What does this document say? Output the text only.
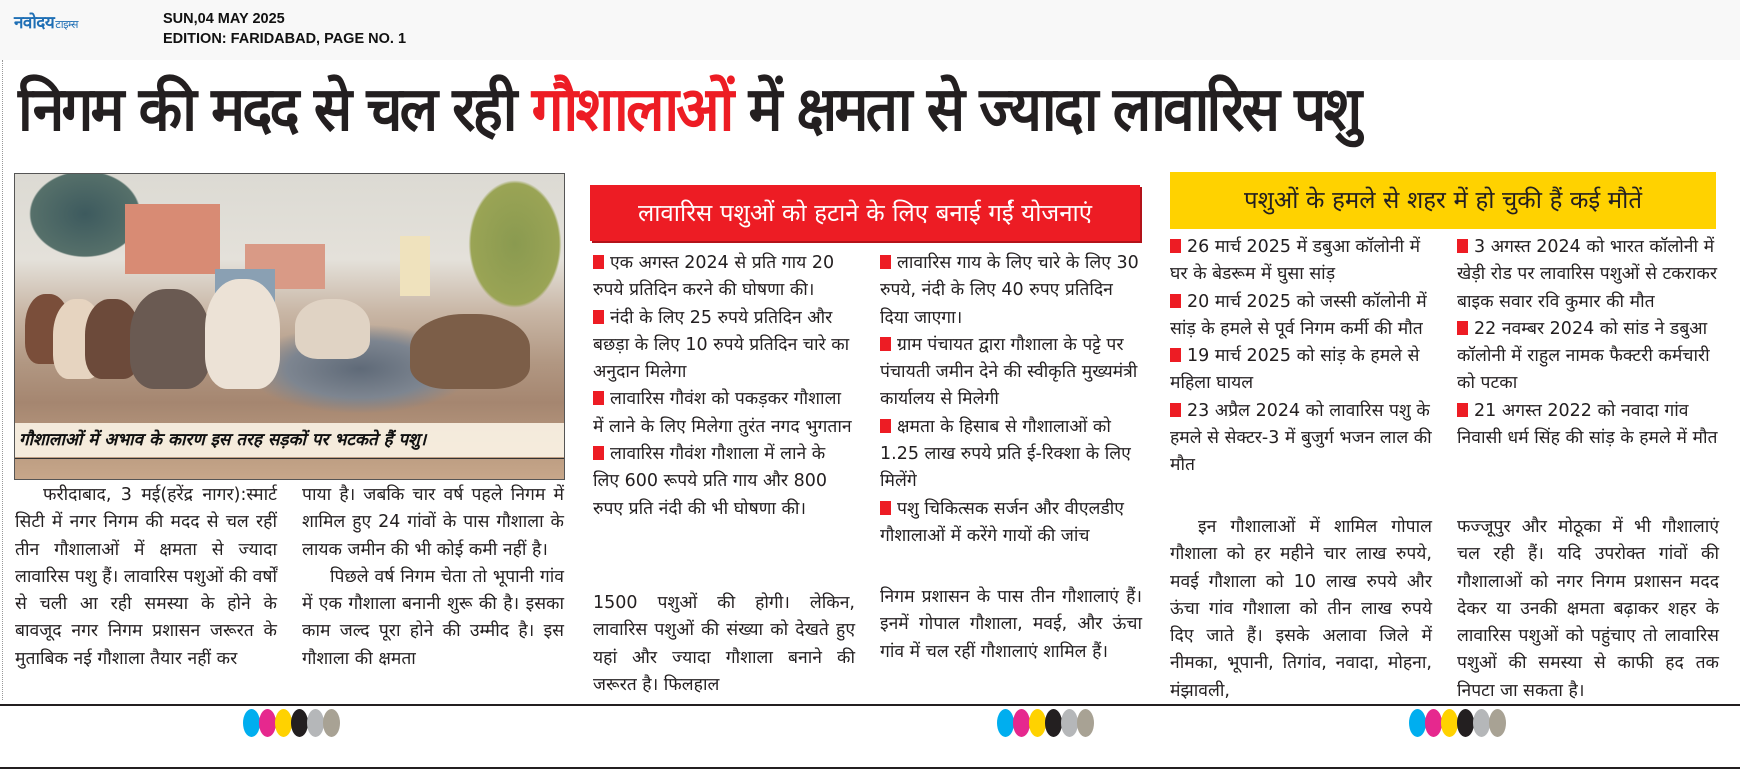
नवोदयटाइम्स	SUN,04 MAY 2025
EDITION: FARIDABAD, PAGE NO. 1
निगम की मदद से चल रही गौशालाओं में क्षमता से ज्यादा लावारिस पशु
गौशालाओं में अभाव के कारण इस तरह सड़कों पर भटकते हैं पशु।

फरीदाबाद, 3 मई(हरेंद्र नागर):स्मार्ट सिटी में नगर निगम की मदद से चल रहीं तीन गौशालाओं में क्षमता से ज्यादा लावारिस पशु हैं। लावारिस पशुओं की वर्षों से चली आ रही समस्या के होने के बावजूद नगर निगम प्रशासन जरूरत के मुताबिक नई गौशाला तैयार नहीं कर

पाया है। जबकि चार वर्ष पहले निगम में शामिल हुए 24 गांवों के पास गौशाला के लायक जमीन की भी कोई कमी नहीं है।

पिछले वर्ष निगम चेता तो भूपानी गांव में एक गौशाला बनानी शुरू की है। इसका काम जल्द पूरा होने की उम्मीद है। इस गौशाला की क्षमता

लावारिस पशुओं को हटाने के लिए बनाई गईं योजनाएं
एक अगस्त 2024 से प्रति गाय 20 रुपये प्रतिदिन करने की घोषणा की।
नंदी के लिए 25 रुपये प्रतिदिन और बछड़ा के लिए 10 रुपये प्रतिदिन चारे का अनुदान मिलेगा
लावारिस गौवंश को पकड़कर गौशाला में लाने के लिए मिलेगा तुरंत नगद भुगतान
लावारिस गौवंश गौशाला में लाने के लिए 600 रूपये प्रति गाय और 800 रुपए प्रति नंदी की भी घोषणा की।
लावारिस गाय के लिए चारे के लिए 30 रुपये, नंदी के लिए 40 रुपए प्रतिदिन दिया जाएगा।
ग्राम पंचायत द्वारा गौशाला के पट्टे पर पंचायती जमीन देने की स्वीकृति मुख्यमंत्री कार्यालय से मिलेगी
क्षमता के हिसाब से गौशालाओं को 1.25 लाख रुपये प्रति ई-रिक्शा के लिए मिलेंगे
पशु चिकित्सक सर्जन और वीएलडीए गौशालाओं में करेंगे गायों की जांच

1500 पशुओं की होगी। लेकिन, लावारिस पशुओं की संख्या को देखते हुए यहां और ज्यादा गौशाला बनाने की जरूरत है। फिलहाल

निगम प्रशासन के पास तीन गौशालाएं हैं। इनमें गोपाल गौशाला, मवई, और ऊंचा गांव में चल रहीं गौशालाएं शामिल हैं।

पशुओं के हमले से शहर में हो चुकी हैं कई मौतें
26 मार्च 2025 में डबुआ कॉलोनी में घर के बेडरूम में घुसा सांड़
20 मार्च 2025 को जस्सी कॉलोनी में सांड़ के हमले से पूर्व निगम कर्मी की मौत
19 मार्च 2025 को सांड़ के हमले से महिला घायल
23 अप्रैल 2024 को लावारिस पशु के हमले से सेक्टर-3 में बुजुर्ग भजन लाल की मौत
3 अगस्त 2024 को भारत कॉलोनी में खेड़ी रोड पर लावारिस पशुओं से टकराकर बाइक सवार रवि कुमार की मौत
22 नवम्बर 2024 को सांड ने डबुआ कॉलोनी में राहुल नामक फैक्टरी कर्मचारी को पटका
21 अगस्त 2022 को नवादा गांव निवासी धर्म सिंह की सांड़ के हमले में मौत

इन गौशालाओं में शामिल गोपाल गौशाला को हर महीने चार लाख रुपये, मवई गौशाला को 10 लाख रुपये और ऊंचा गांव गौशाला को तीन लाख रुपये दिए जाते हैं। इसके अलावा जिले में नीमका, भूपानी, तिगांव, नवादा, मोहना, मंझावली,

फज्जूपुर और मोठूका में भी गौशालाएं चल रही हैं। यदि उपरोक्त गांवों की गौशालाओं को नगर निगम प्रशासन मदद देकर या उनकी क्षमता बढ़ाकर शहर के लावारिस पशुओं को पहुंचाए तो लावारिस पशुओं की समस्या से काफी हद तक निपटा जा सकता है।
